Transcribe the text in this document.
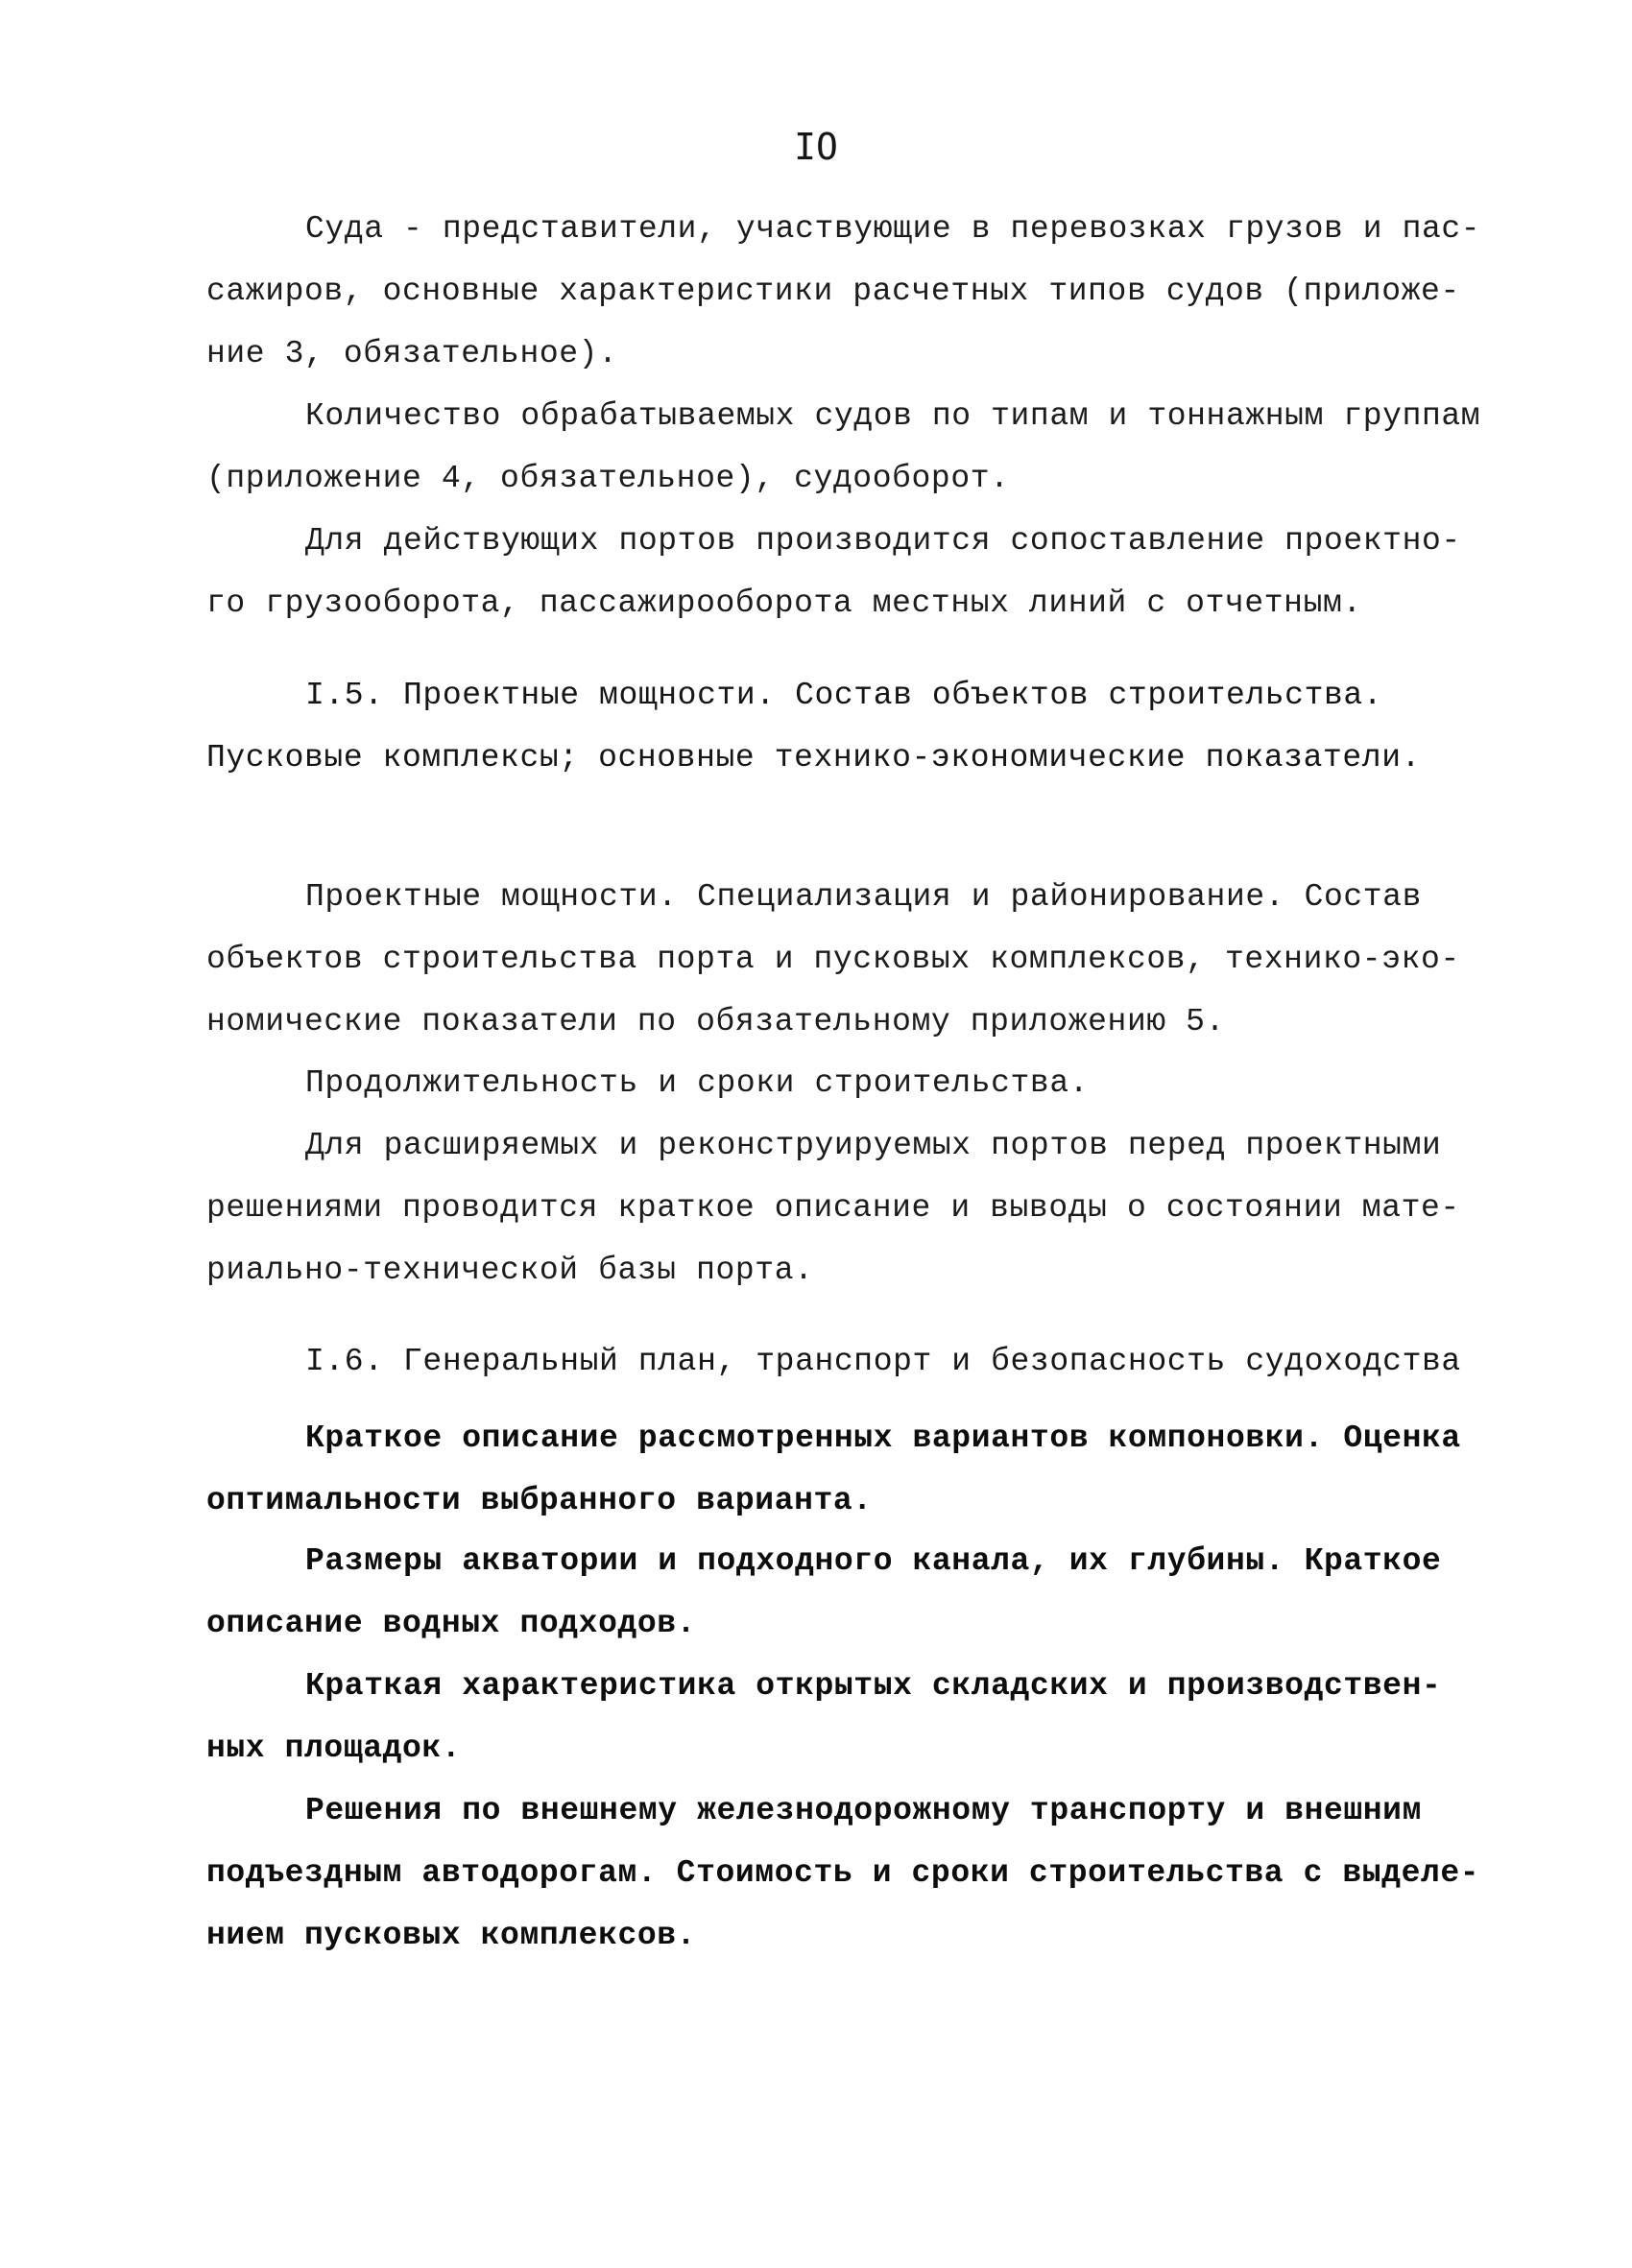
IO
Суда - представители, участвующие в перевозках грузов и пас-
сажиров, основные характеристики расчетных типов судов (приложе-
ние 3, обязательное).
Количество обрабатываемых судов по типам и тоннажным группам
(приложение 4, обязательное), судооборот.
Для действующих портов производится сопоставление проектно-
го грузооборота, пассажирооборота местных линий с отчетным.
I.5. Проектные мощности. Состав объектов строительства.
Пусковые комплексы; основные технико-экономические показатели.
Проектные мощности. Специализация и районирование. Состав
объектов строительства порта и пусковых комплексов, технико-эко-
номические показатели по обязательному приложению 5.
Продолжительность и сроки строительства.
Для расширяемых и реконструируемых портов перед проектными
решениями проводится краткое описание и выводы о состоянии мате-
риально-технической базы порта.
I.6. Генеральный план, транспорт и безопасность судоходства
Краткое описание рассмотренных вариантов компоновки. Оценка
оптимальности выбранного варианта.
Размеры акватории и подходного канала, их глубины. Краткое
описание водных подходов.
Краткая характеристика открытых складских и производствен-
ных площадок.
Решения по внешнему железнодорожному транспорту и внешним
подъездным автодорогам. Стоимость и сроки строительства с выделе-
нием пусковых комплексов.
